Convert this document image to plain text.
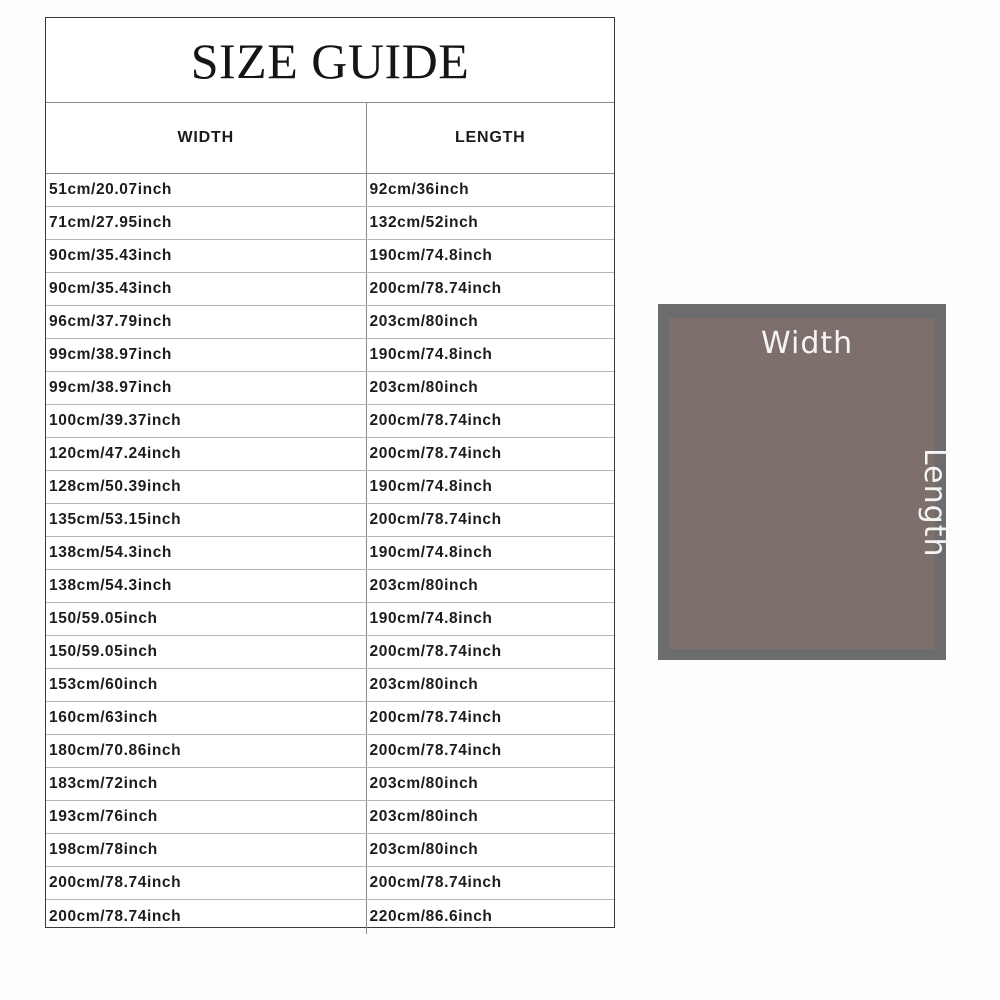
SIZE GUIDE
WIDTH	LENGTH
51cm/20.07inch	92cm/36inch
71cm/27.95inch	132cm/52inch
90cm/35.43inch	190cm/74.8inch
90cm/35.43inch	200cm/78.74inch
96cm/37.79inch	203cm/80inch
99cm/38.97inch	190cm/74.8inch
99cm/38.97inch	203cm/80inch
100cm/39.37inch	200cm/78.74inch
120cm/47.24inch	200cm/78.74inch
128cm/50.39inch	190cm/74.8inch
135cm/53.15inch	200cm/78.74inch
138cm/54.3inch	190cm/74.8inch
138cm/54.3inch	203cm/80inch
150/59.05inch	190cm/74.8inch
150/59.05inch	200cm/78.74inch
153cm/60inch	203cm/80inch
160cm/63inch	200cm/78.74inch
180cm/70.86inch	200cm/78.74inch
183cm/72inch	203cm/80inch
193cm/76inch	203cm/80inch
198cm/78inch	203cm/80inch
200cm/78.74inch	200cm/78.74inch
200cm/78.74inch	220cm/86.6inch
Width
Length
